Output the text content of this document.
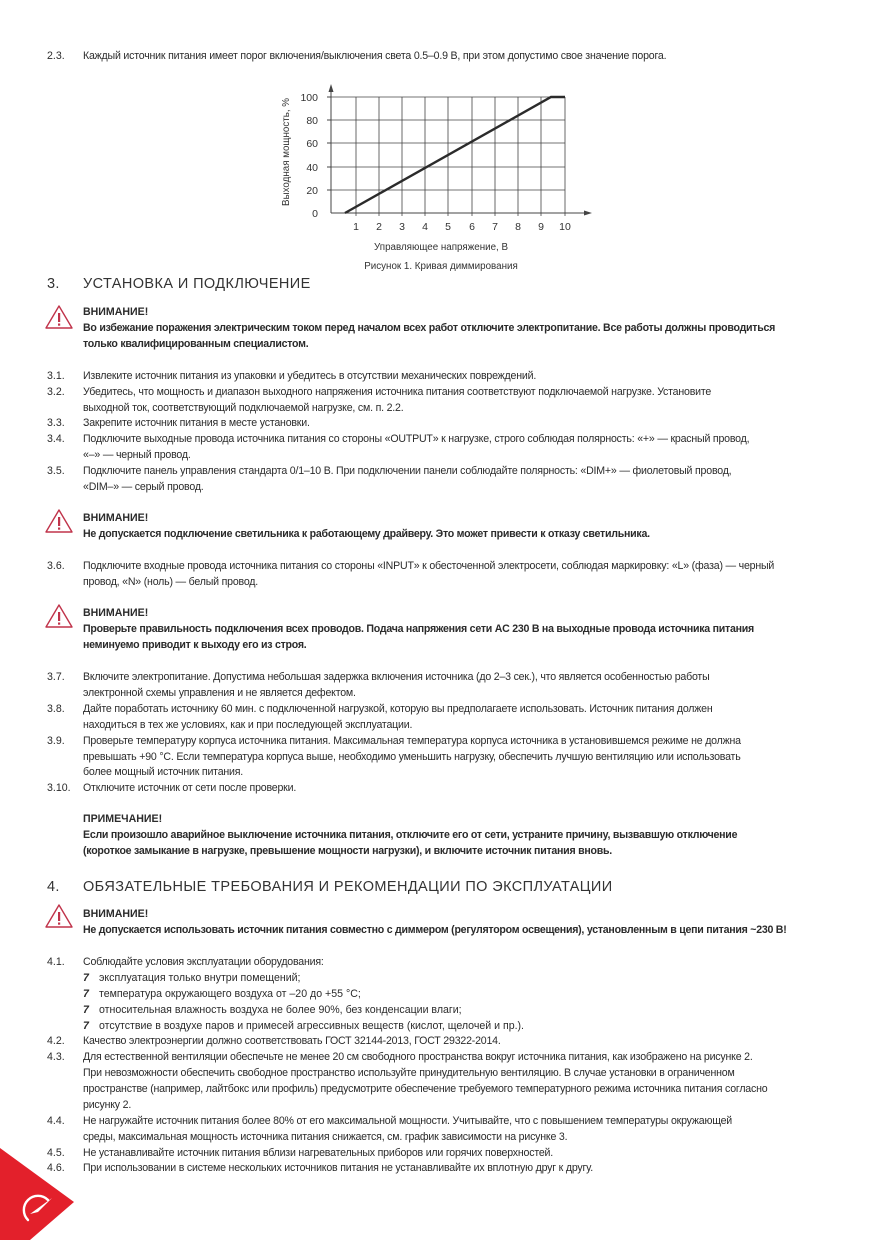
2.3. Каждый источник питания имеет порог включения/выключения света 0.5–0.9 В, при этом допустимо свое значение порога.
100
80
60
40
20
0
1 2 3 4 5 6 7 8 9 10
Управляющее напряжение, В
Рисунок 1. Кривая диммирования
Выходная мощность, %
3. УСТАНОВКА И ПОДКЛЮЧЕНИЕ
ВНИМАНИЕ!
Во избежание поражения электрическим током перед началом всех работ отключите электропитание. Все работы должны проводиться
только квалифицированным специалистом.
3.1. Извлеките источник питания из упаковки и убедитесь в отсутствии механических повреждений.
3.2. Убедитесь, что мощность и диапазон выходного напряжения источника питания соответствуют подключаемой нагрузке. Установите
выходной ток, соответствующий подключаемой нагрузке, см. п. 2.2.
3.3. Закрепите источник питания в месте установки.
3.4. Подключите выходные провода источника питания со стороны «OUTPUT» к нагрузке, строго соблюдая полярность: «+» — красный провод,
«–» — черный провод.
3.5. Подключите панель управления стандарта 0/1–10 В. При подключении панели соблюдайте полярность: «DIM+» — фиолетовый провод,
«DIM–» — серый провод.
ВНИМАНИЕ!
Не допускается подключение светильника к работающему драйверу. Это может привести к отказу светильника.
3.6. Подключите входные провода источника питания со стороны «INPUT» к обесточенной электросети, соблюдая маркировку: «L» (фаза) — черный
провод, «N» (ноль) — белый провод.
ВНИМАНИЕ!
Проверьте правильность подключения всех проводов. Подача напряжения сети AC 230 В на выходные провода источника питания
неминуемо приводит к выходу его из строя.
3.7. Включите электропитание. Допустима небольшая задержка включения источника (до 2–3 сек.), что является особенностью работы
электронной схемы управления и не является дефектом.
3.8. Дайте поработать источнику 60 мин. с подключенной нагрузкой, которую вы предполагаете использовать. Источник питания должен
находиться в тех же условиях, как и при последующей эксплуатации.
3.9. Проверьте температуру корпуса источника питания. Максимальная температура корпуса источника в установившемся режиме не должна
превышать +90 °С. Если температура корпуса выше, необходимо уменьшить нагрузку, обеспечить лучшую вентиляцию или использовать
более мощный источник питания.
3.10. Отключите источник от сети после проверки.
ПРИМЕЧАНИЕ!
Если произошло аварийное выключение источника питания, отключите его от сети, устраните причину, вызвавшую отключение
(короткое замыкание в нагрузке, превышение мощности нагрузки), и включите источник питания вновь.
4. ОБЯЗАТЕЛЬНЫЕ ТРЕБОВАНИЯ И РЕКОМЕНДАЦИИ ПО ЭКСПЛУАТАЦИИ
ВНИМАНИЕ!
Не допускается использовать источник питания совместно с диммером (регулятором освещения), установленным в цепи питания ~230 В!
4.1. Соблюдайте условия эксплуатации оборудования:
7 эксплуатация только внутри помещений;
7 температура окружающего воздуха от –20 до +55 °C;
7 относительная влажность воздуха не более 90%, без конденсации влаги;
7 отсутствие в воздухе паров и примесей агрессивных веществ (кислот, щелочей и пр.).
4.2. Качество электроэнергии должно соответствовать ГОСТ 32144-2013, ГОСТ 29322-2014.
4.3. Для естественной вентиляции обеспечьте не менее 20 см свободного пространства вокруг источника питания, как изображено на рисунке 2.
При невозможности обеспечить свободное пространство используйте принудительную вентиляцию. В случае установки в ограниченном
пространстве (например, лайтбокс или профиль) предусмотрите обеспечение требуемого температурного режима источника питания согласно
рисунку 2.
4.4. Не нагружайте источник питания более 80% от его максимальной мощности. Учитывайте, что с повышением температуры окружающей
среды, максимальная мощность источника питания снижается, см. график зависимости на рисунке 3.
4.5. Не устанавливайте источник питания вблизи нагревательных приборов или горячих поверхностей.
4.6. При использовании в системе нескольких источников питания не устанавливайте их вплотную друг к другу.
